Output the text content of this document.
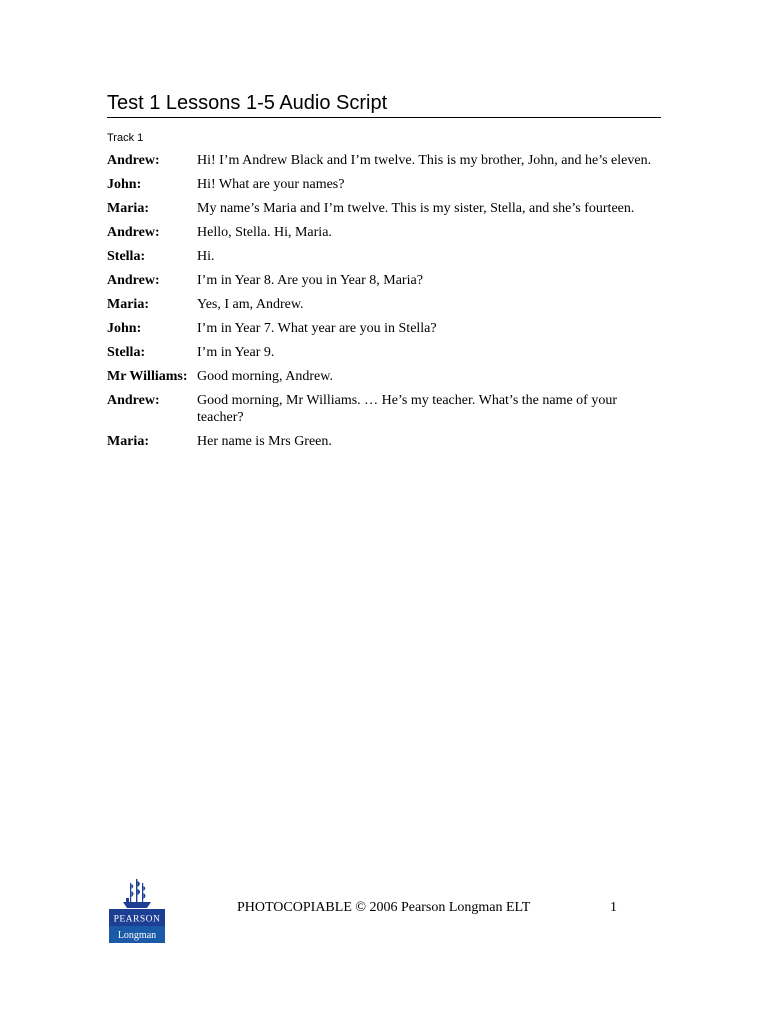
Test 1 Lessons 1-5 Audio Script
Track 1
Andrew:	Hi! I’m Andrew Black and I’m twelve. This is my brother, John, and he’s eleven.
John:	Hi! What are your names?
Maria:	My name’s Maria and I’m twelve. This is my sister, Stella, and she’s fourteen.
Andrew:	Hello, Stella. Hi, Maria.
Stella:	Hi.
Andrew:	I’m in Year 8. Are you in Year 8, Maria?
Maria:	Yes, I am, Andrew.
John:	I’m in Year 7. What year are you in Stella?
Stella:	I’m in Year 9.
Mr Williams: Good morning, Andrew.
Andrew:	Good morning, Mr Williams. … He’s my teacher. What’s the name of your teacher?
Maria:	Her name is Mrs Green.
PEARSON
Longman
PHOTOCOPIABLE © 2006 Pearson Longman ELT	1
